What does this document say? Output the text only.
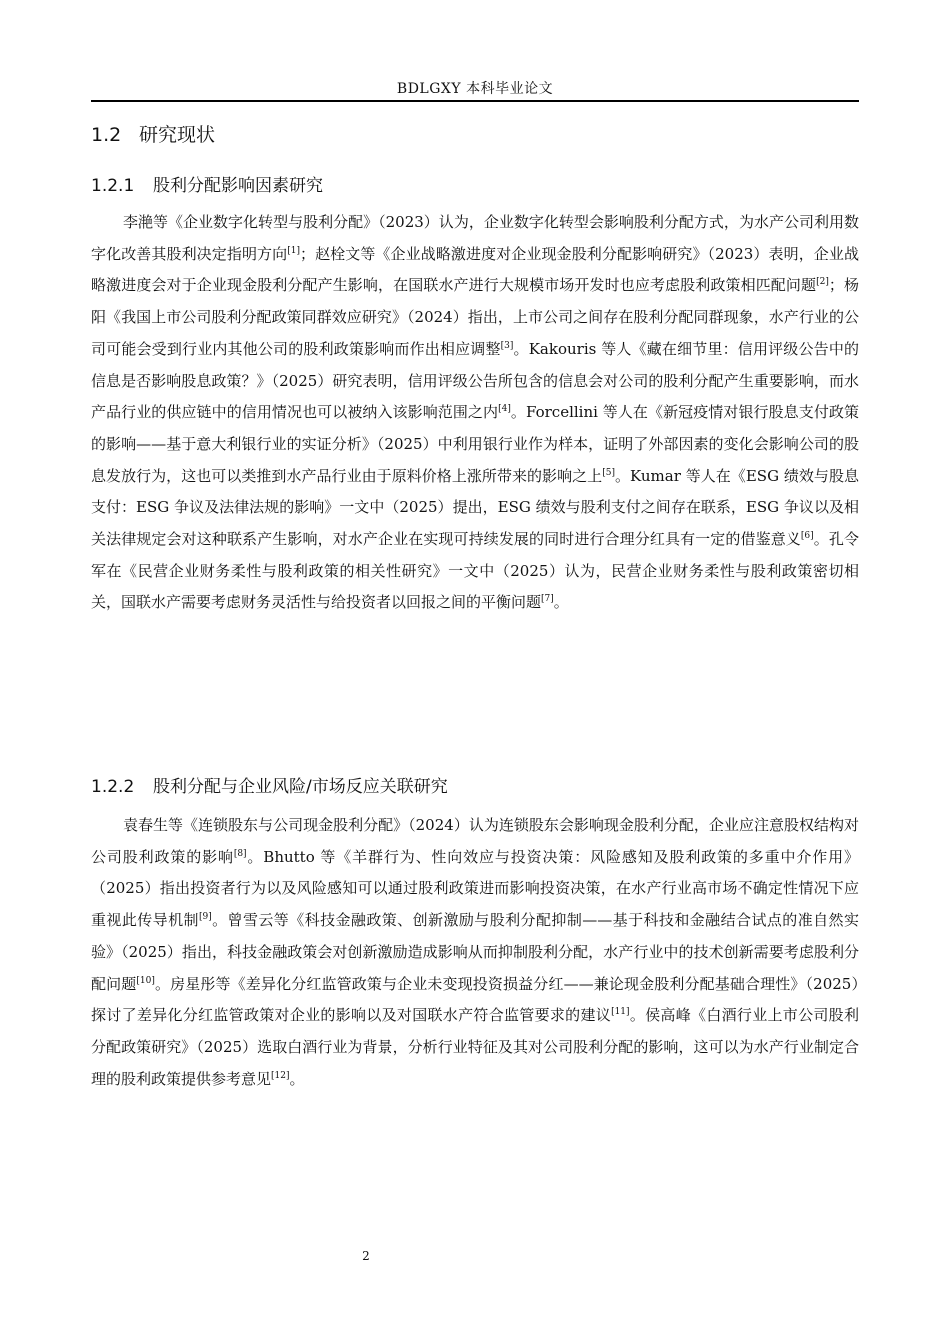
BDLGXY 本科毕业论文
1.2 研究现状
1.2.1 股利分配影响因素研究

李滟等《企业数字化转型与股利分配》（2023）认为，企业数字化转型会影响股利分配方式，为水产公司利用数字化改善其股利决定指明方向[1]；赵栓文等《企业战略激进度对企业现金股利分配影响研究》（2023）表明，企业战略激进度会对于企业现金股利分配产生影响，在国联水产进行大规模市场开发时也应考虑股利政策相匹配问题[2]；杨阳《我国上市公司股利分配政策同群效应研究》（2024）指出，上市公司之间存在股利分配同群现象，水产行业的公司可能会受到行业内其他公司的股利政策影响而作出相应调整[3]。Kakouris 等人《藏在细节里：信用评级公告中的信息是否影响股息政策？》（2025）研究表明，信用评级公告所包含的信息会对公司的股利分配产生重要影响，而水产品行业的供应链中的信用情况也可以被纳入该影响范围之内[4]。Forcellini 等人在《新冠疫情对银行股息支付政策的影响——基于意大利银行业的实证分析》（2025）中利用银行业作为样本，证明了外部因素的变化会影响公司的股息发放行为，这也可以类推到水产品行业由于原料价格上涨所带来的影响之上[5]。Kumar 等人在《ESG 绩效与股息支付：ESG 争议及法律法规的影响》一文中（2025）提出，ESG 绩效与股利支付之间存在联系，ESG 争议以及相关法律规定会对这种联系产生影响，对水产企业在实现可持续发展的同时进行合理分红具有一定的借鉴意义[6]。孔令军在《民营企业财务柔性与股利政策的相关性研究》一文中（2025）认为，民营企业财务柔性与股利政策密切相关，国联水产需要考虑财务灵活性与给投资者以回报之间的平衡问题[7]。

1.2.2 股利分配与企业风险/市场反应关联研究

袁春生等《连锁股东与公司现金股利分配》（2024）认为连锁股东会影响现金股利分配，企业应注意股权结构对公司股利政策的影响[8]。Bhutto 等《羊群行为、性向效应与投资决策：风险感知及股利政策的多重中介作用》（2025）指出投资者行为以及风险感知可以通过股利政策进而影响投资决策，在水产行业高市场不确定性情况下应重视此传导机制[9]。曾雪云等《科技金融政策、创新激励与股利分配抑制——基于科技和金融结合试点的准自然实验》（2025）指出，科技金融政策会对创新激励造成影响从而抑制股利分配，水产行业中的技术创新需要考虑股利分配问题[10]。房星彤等《差异化分红监管政策与企业未变现投资损益分红——兼论现金股利分配基础合理性》（2025）探讨了差异化分红监管政策对企业的影响以及对国联水产符合监管要求的建议[11]。侯高峰《白酒行业上市公司股利分配政策研究》（2025）选取白酒行业为背景，分析行业特征及其对公司股利分配的影响，这可以为水产行业制定合理的股利政策提供参考意见[12]。

2
